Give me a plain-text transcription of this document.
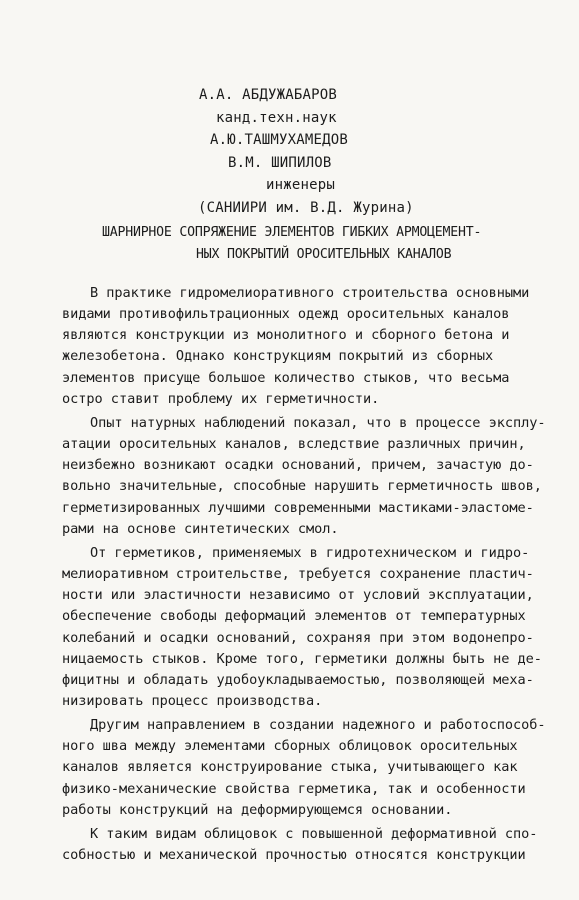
А.А. АБДУЖАБАРОВ
канд.техн.наук
А.Ю.ТАШМУХАМЕДОВ
В.М. ШИПИЛОВ
инженеры
(САНИИРИ им. В.Д. Журина)
ШАРНИРНОЕ СОПРЯЖЕНИЕ ЭЛЕМЕНТОВ ГИБКИХ АРМОЦЕМЕНТ-
НЫХ ПОКРЫТИЙ ОРОСИТЕЛЬНЫХ КАНАЛОВ
В практике гидромелиоративного строительства основными
видами противофильтрационных одежд оросительных каналов
являются конструкции из монолитного и сборного бетона и
железобетона. Однако конструкциям покрытий из сборных
элементов присуще большое количество стыков, что весьма
остро ставит проблему их герметичности.
Опыт натурных наблюдений показал, что в процессе эксплу-
атации оросительных каналов, вследствие различных причин,
неизбежно возникают осадки оснований, причем, зачастую до-
вольно значительные, способные нарушить герметичность швов,
герметизированных лучшими современными мастиками-эластоме-
рами на основе синтетических смол.
От герметиков, применяемых в гидротехническом и гидро-
мелиоративном строительстве, требуется сохранение пластич-
ности или эластичности независимо от условий эксплуатации,
обеспечение свободы деформаций элементов от температурных
колебаний и осадки оснований, сохраняя при этом водонепро-
ницаемость стыков. Кроме того, герметики должны быть не де-
фицитны и обладать удобоукладываемостью, позволяющей меха-
низировать процесс производства.
Другим направлением в создании надежного и работоспособ-
ного шва между элементами сборных облицовок оросительных
каналов является конструирование стыка, учитывающего как
физико-механические свойства герметика, так и особенности
работы конструкций на деформирующемся основании.
К таким видам облицовок с повышенной деформативной спо-
собностью и механической прочностью относятся конструкции
